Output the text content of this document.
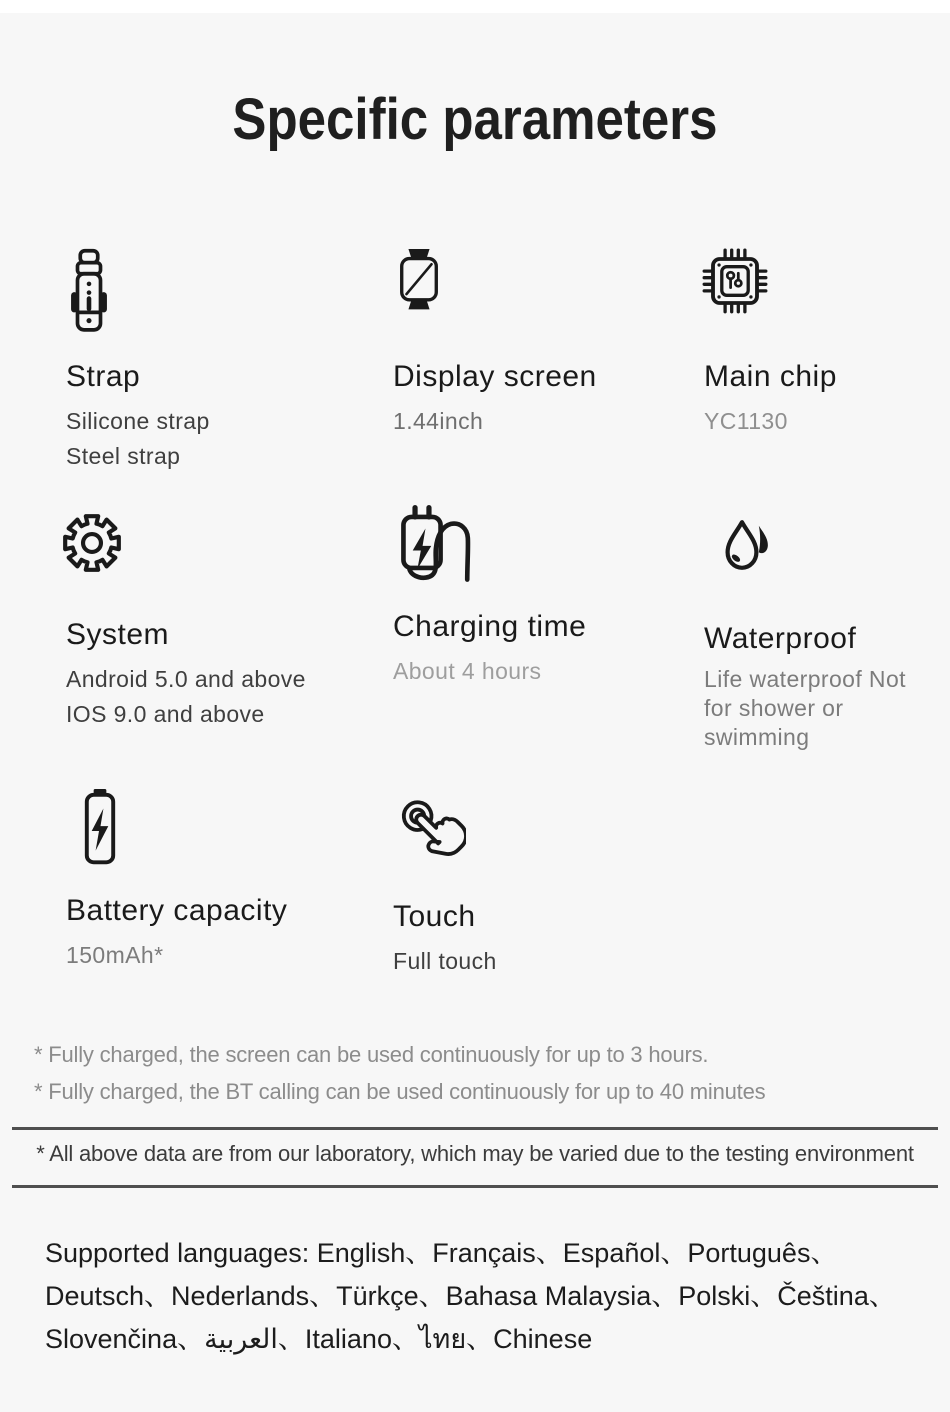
Specific parameters
Strap
Silicone strap
Steel strap
Display screen
1.44inch
Main chip
YC1130
System
Android 5.0 and above
IOS 9.0 and above
Charging time
About 4 hours
Waterproof
Life waterproof Not for shower or swimming
Battery capacity
150mAh*
Touch
Full touch

* Fully charged, the screen can be used continuously for up to 3 hours.

* Fully charged, the BT calling can be used continuously for up to 40 minutes

* All above data are from our laboratory, which may be varied due to the testing environment

Supported languages: English、Français、Español、Português、
Deutsch、Nederlands、Türkçe、Bahasa Malaysia、Polski、Čeština、
Slovenčina、العربية、Italiano、ไทย、Chinese
